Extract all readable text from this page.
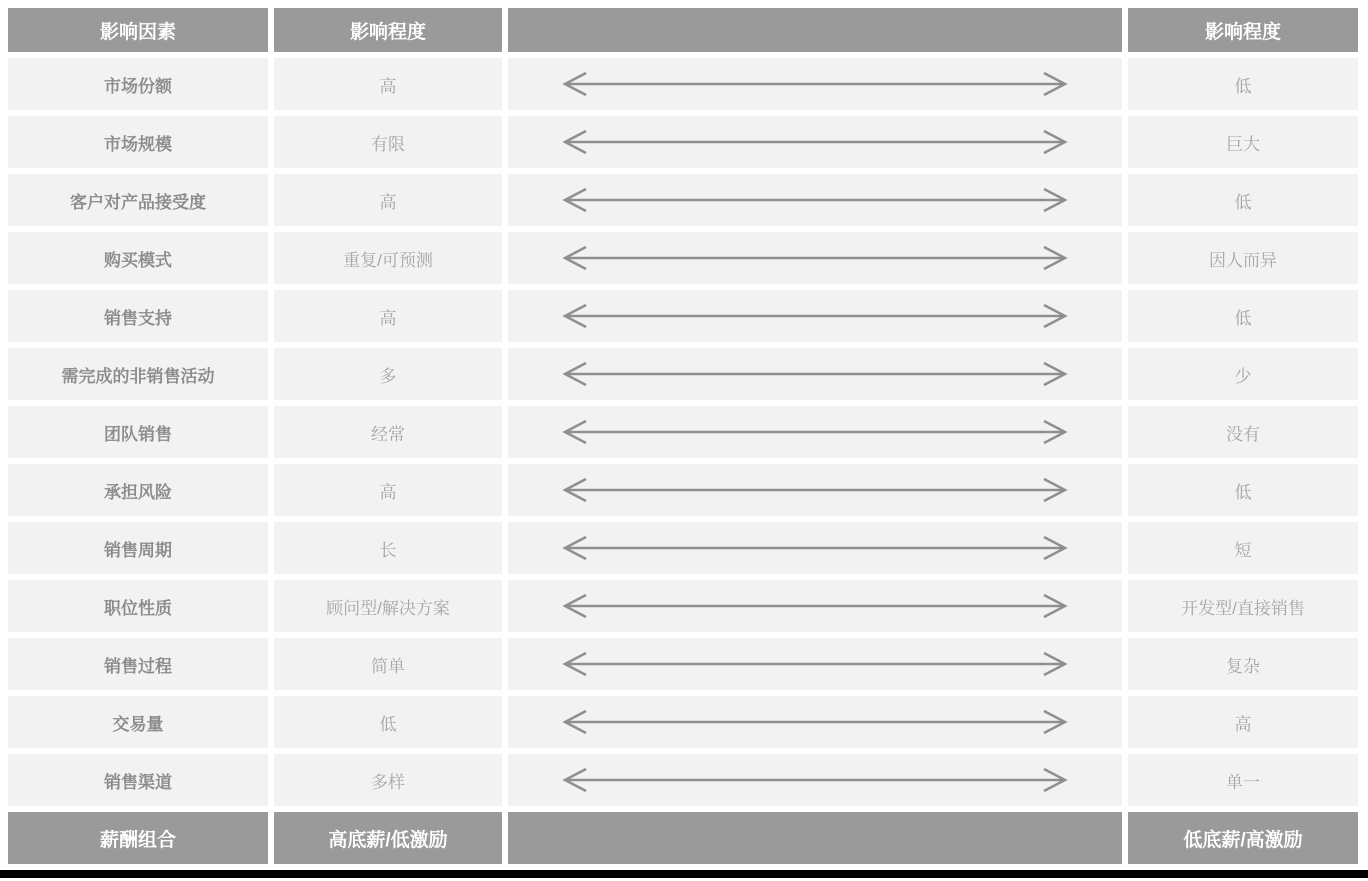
影响因素	影响程度	影响程度
市场份额	高	低
市场规模	有限	巨大
客户对产品接受度	高	低
购买模式	重复/可预测	因人而异
销售支持	高	低
需完成的非销售活动	多	少
团队销售	经常	没有
承担风险	高	低
销售周期	长	短
职位性质	顾问型/解决方案	开发型/直接销售
销售过程	简单	复杂
交易量	低	高
销售渠道	多样	单一
薪酬组合	高底薪/低激励	低底薪/高激励
